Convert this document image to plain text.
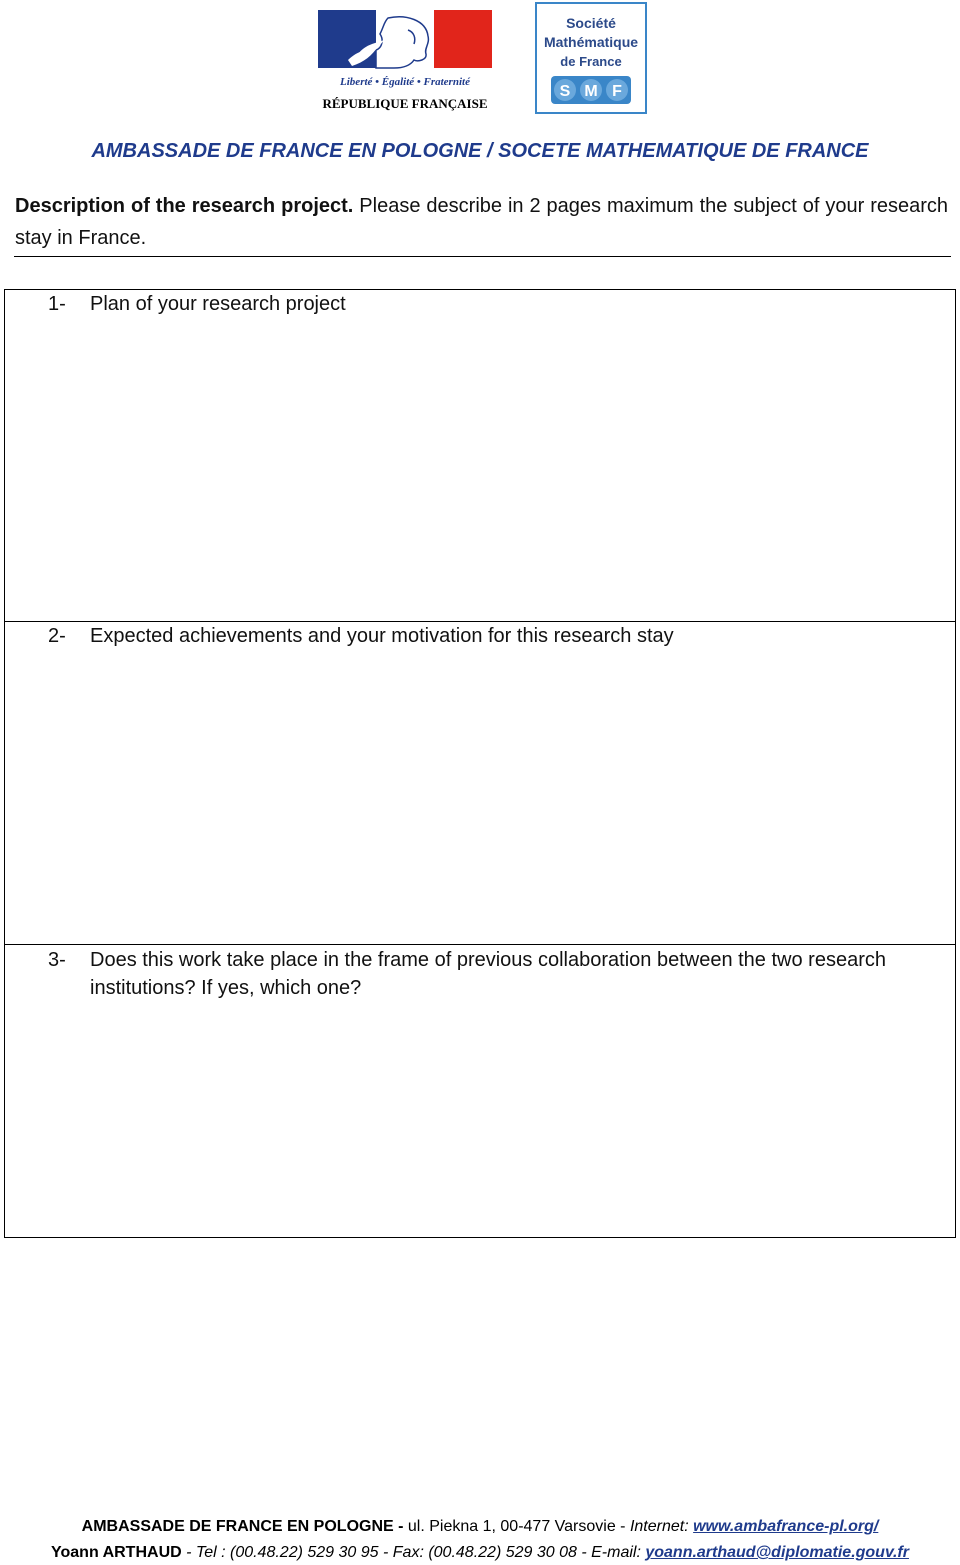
Liberté • Égalité • Fraternité
RÉPUBLIQUE FRANÇAISE
Société
Mathématique
de France
S M F
AMBASSADE DE FRANCE EN POLOGNE / SOCETE MATHEMATIQUE DE FRANCE
Description of the research project. Please describe in 2 pages maximum the subject of your research stay in France.
1-	Plan of your research project
2-	Expected achievements and your motivation for this research stay
3-	Does this work take place in the frame of previous collaboration between the two research institutions? If yes, which one?
AMBASSADE DE FRANCE EN POLOGNE - ul. Piekna 1, 00-477 Varsovie - Internet: www.ambafrance-pl.org/
Yoann ARTHAUD - Tel : (00.48.22) 529 30 95 - Fax: (00.48.22) 529 30 08 - E-mail: yoann.arthaud@diplomatie.gouv.fr
